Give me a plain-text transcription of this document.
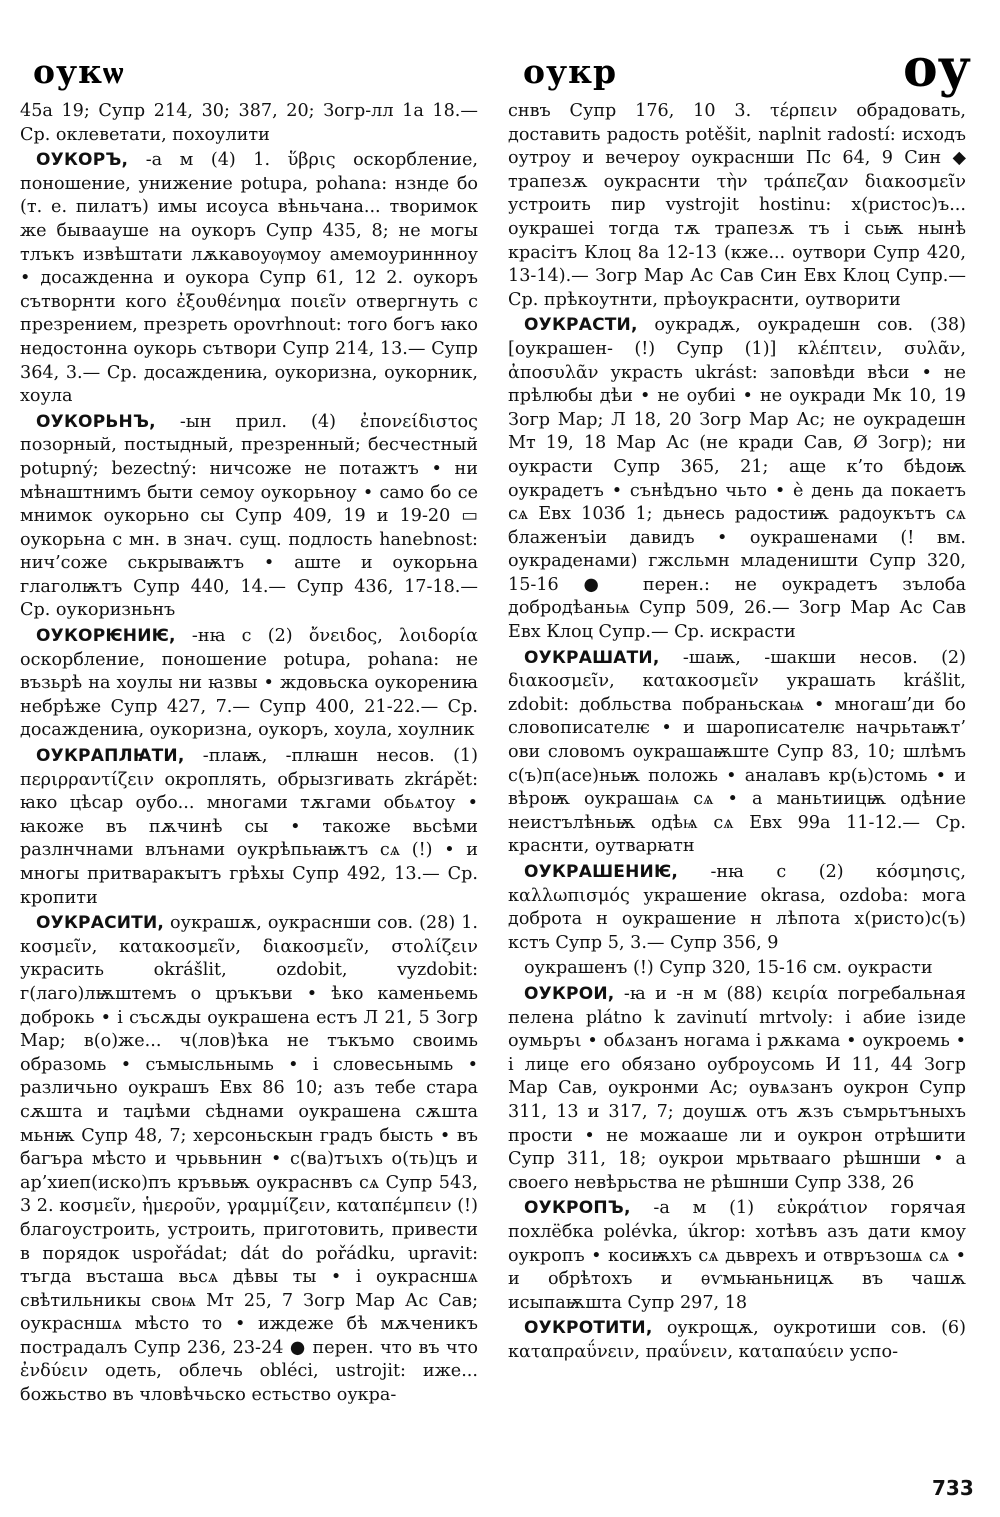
оукѡ	оукр	оу

45а 19; Супр 214, 30; 387, 20; Зогр-лл 1а 18.— Ср. оклеветати, похоулити

ОУКОРЪ, -а м (4) 1. ὕβρις оскорбление, поношение, унижение potupa, pohana: нзнде бо (т. е. пилатъ) имы исоуса вѣньчана... творимок же бываауше на оукоръ Супр 435, 8; не могы тлъкъ извѣштати лѫкавоуѹмоу амемоуриннноу • досажденна и оукора Супр 61, 12 2. оукоръ сътворнти кого ἐξουθένημα ποιεῖν отвергнуть с презрением, презреть opovrhnout: того богъ ꙗко недостонна оукорь сътвори Супр 214, 13.— Супр 364, 3.— Ср. досаждениꙗ, оукоризна, оукорник, хоула

ОУКОРЬНЪ, -ын прил. (4) ἐπονείδιστος позорный, постыдный, презренный; бесчестный potupný; bezectný: ничсоже не потажтъ • ни мѣнаштнимъ быти семоу оукорьноу • само бо се мнимок оукорьно сы Супр 409, 19 и 19-20 ▭ оукорьна с мн. в знач. сущ. подлость hanebnost: нич’соже ськрываѭтъ • аште и оукорьна глаголѭтъ Супр 440, 14.— Супр 436, 17-18.— Ср. оукоризньнъ

ОУКОРѤНИѤ, -нꙗ с (2) ὄνειδος, λοιδορία оскорбление, поношение potupa, pohana: не възьрѣ на хоулы ни ꙗзвы • ждовьска оукорениꙗ небрѣже Супр 427, 7.— Супр 400, 21-22.— Ср. досаждениꙗ, оукоризна, оукоръ, хоула, хоулник

ОУКРАПЛꙖТИ, -плаѭ, -плꙗшн несов. (1) περιρραντίζειν окроплять, обрызгивать zkrápět: ꙗко цѣсар оубо... многами тѫгами обьѧтоу • ꙗкоже въ пѫчинѣ сы • такоже вьсѣми разлнчнами влънами оукрѣпьꙗѭтъ сѧ (!) • и многы притваракꙑтъ грѣхы Супр 492, 13.— Ср. кропити

ОУКРАСИТИ, оукрашѫ, оукраснши сов. (28) 1. κοσμεῖν, κατακοσμεῖν, διακοσμεῖν, στολίζειν украсить okrášlit, ozdobit, vyzdobit: г(лаго)лѭштемъ о цръкъви • ѣко каменьемь доброкь • і съсѫды оукрашена естъ Л 21, 5 Зогр Мар; в(о)же... ч(лов)ѣка не тъкъмо своимь образомь • съмысльнымь • і словесьнымь • различьно оукрашъ Евх 86 10; азъ тебе стара сѫшта и таџѣми сѣднами оукрашена сѫшта мьнѭ Супр 48, 7; херсоньскын градъ бысть • въ багъра мѣсто и чрьвьнин • с(ва)тъιхъ о(ть)цъ и ар’хиеп(иско)пъ кръвьѭ оукраснвъ сѧ Супр 543, 3 2. κοσμεῖν, ἡμεροῦν, γραμμίζειν, καταπέμπειν (!) благоустроить, устроить, приготовить, привести в порядок uspořádat; dát do pořádku, upravit: тъгда въсташа вьсѧ дѣвы ты • і оукрасншѧ свѣтильникы своѩ Мт 25, 7 Зогр Мар Ас Сав; оукрасншѧ мѣсто то • иждеже бѣ мѫченикъ пострадалъ Супр 236, 23-24 ● перен. что въ что ἐνδύειν одеть, облечь obléci, ustrojit: иже... божьство въ чловѣчьско естьство оукра-

снвъ Супр 176, 10 3. τέρπειν обрадовать, доставить радость potěšit, naplnit radostí: исходъ оутроу и вечероу оукраснши Пс 64, 9 Син ◆ трапезѫ оукраснти τὴν τράπεζαν διακοσμεῖν устроить пир vystrojit hostinu: х(ристос)ъ... оукрашеі тогда тѫ трапезѫ тъ і сьѭ нынѣ красітъ Клоц 8а 12-13 (кже... оутвори Супр 420, 13-14).— Зогр Мар Ас Сав Син Евх Клоц Супр.— Ср. прѣкоутнти, прѣоукраснти, оутворити

ОУКРАСТИ, оукрадѫ, оукрадешн сов. (38) [оукрашен- (!) Супр (1)] κλέπτειν, συλᾶν, ἀποσυλᾶν украсть ukrást: заповѣди вѣси • не прѣлюбы дѣи • не оубиі • не оукради Мк 10, 19 Зогр Мар; Л 18, 20 Зогр Мар Ас; не оукрадешн Мт 19, 18 Мар Ас (не кради Сав, Ø Зогр); ни оукрасти Супр 365, 21; аще к’то бѣдоѭ оукрадетъ • сънѣдъно чьто • ѐ день да покаетъ сѧ Евх 103б 1; дьнесь радостиѭ радоукътъ сѧ блаженъіи давидъ • оукрашенами (! вм. оукраденами) гжсльмн младеништи Супр 320, 15-16 ● перен.: не оукрадетъ зълоба добродѣаньѩ Супр 509, 26.— Зогр Мар Ас Сав Евх Клоц Супр.— Ср. искрасти

ОУКРАШАТИ, -шаѭ, -шакши несов. (2) διακοσμεῖν, κατακοσμεῖν украшать krášlit, zdobit: добльства побраньскаѩ • многаш’ди бо словописателѥ • и шарописателѥ начрьтаѭт’ ови словомъ оукрашаѭште Супр 83, 10; шлѣмъ с(ъ)п(асе)ньѭ положь • аналавъ кр(ь)стомь • и вѣроѭ оукрашаѩ сѧ • а маньтиицѭ одѣние неистълѣньѭ одѣѩ сѧ Евх 99а 11-12.— Ср. краснти, оутварꙗтн

ОУКРАШЕНИѤ, -нꙗ с (2) κόσμησις, καλλωπισμός украшение okrasa, ozdoba: мога доброта н оукрашение н лѣпота х(ристо)с(ъ) кстъ Супр 5, 3.— Супр 356, 9

оукрашенъ (!) Супр 320, 15-16 см. оукрасти

ОУКРОИ, -ꙗ и -н м (88) κειρία погребальная пелена plátno k zavinutí mrtvoly: і абие ізиде оумьръι • обѧзанъ ногама і рѫкама • оукроемь • і лице его обязано оуброусомь И 11, 44 Зогр Мар Сав, оукронми Ас; оувѧзанъ оукрон Супр 311, 13 и 317, 7; доушѫ отъ ѫзъ съмрьтъныхъ прости • не можааше ли и оукрон отрѣшити Супр 311, 18; оукрои мрьтвааго рѣшнши • а своего невѣрьства не рѣшнши Супр 338, 26

ОУКРОПЪ, -а м (1) εὐκράτιον горячая похлёбка polévka, úkrop: хотѣвъ азъ дати кмоу оукропъ • косиѭхъ сѧ дьврехъ и отвръзошѧ сѧ • и обрѣтохъ и ѳѵмьꙗньницѫ въ чашѫ исыпаѭшта Супр 297, 18

ОУКРОТИТИ, оукрощѫ, оукротиши сов. (6) καταπραΰνειν, πραΰνειν, καταπαύειν успо-

733
